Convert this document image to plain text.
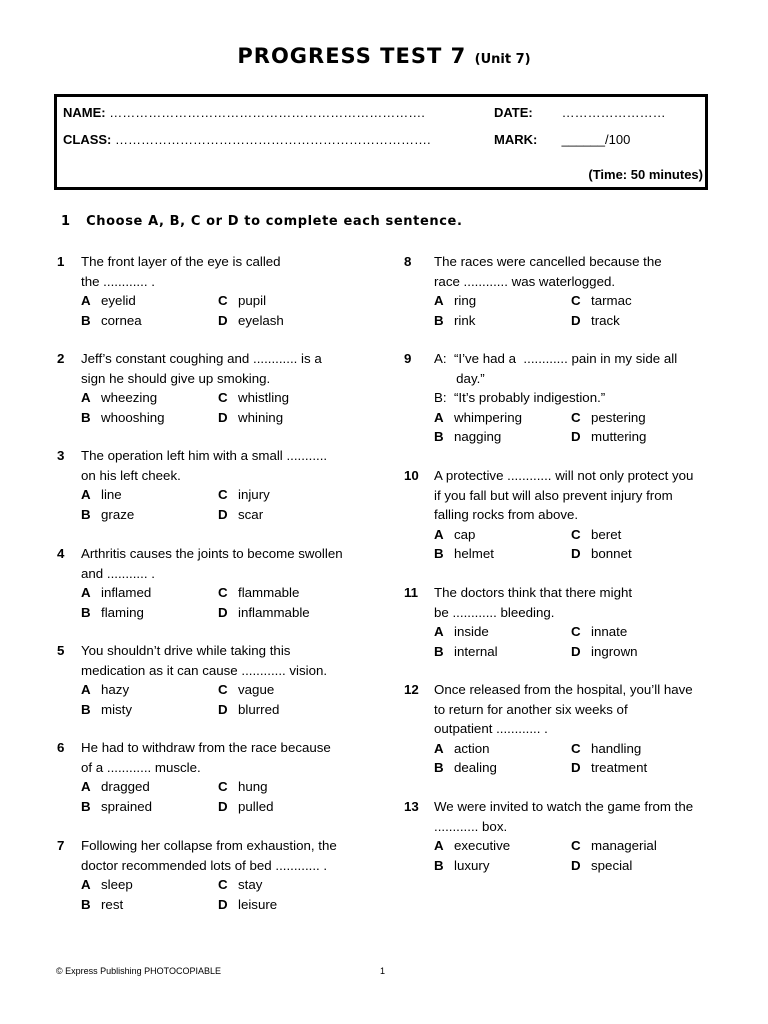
PROGRESS TEST 7 (Unit 7)
NAME: ……………………………………………………………….
CLASS: ……………………………………………………………….
DATE: ……………………
MARK: ______/100
(Time: 50 minutes)
1 Choose A, B, C or D to complete each sentence.
1	The front layer of the eye is called
the ............ .
A eyelid	C pupil
B cornea	D eyelash
2	Jeff’s constant coughing and ............ is a
sign he should give up smoking.
A wheezing	C whistling
B whooshing	D whining
3	The operation left him with a small ...........
on his left cheek.
A line	C injury
B graze	D scar
4	Arthritis causes the joints to become swollen
and ........... .
A inflamed	C flammable
B flaming	D inflammable
5	You shouldn’t drive while taking this
medication as it can cause ............ vision.
A hazy	C vague
B misty	D blurred
6	He had to withdraw from the race because
of a ............ muscle.
A dragged	C hung
B sprained	D pulled
7	Following her collapse from exhaustion, the
doctor recommended lots of bed ............ .
A sleep	C stay
B rest	D leisure
8	The races were cancelled because the
race ............ was waterlogged.
A ring	C tarmac
B rink	D track
9	A:  “I’ve had a  ............ pain in my side all
day.”
B:  “It’s probably indigestion.”
A whimpering	C pestering
B nagging	D muttering
10	A protective ............ will not only protect you
if you fall but will also prevent injury from
falling rocks from above.
A cap	C beret
B helmet	D bonnet
11	The doctors think that there might
be ............ bleeding.
A inside	C innate
B internal	D ingrown
12	Once released from the hospital, you’ll have
to return for another six weeks of
outpatient ............ .
A action	C handling
B dealing	D treatment
13	We were invited to watch the game from the
............ box.
A executive	C managerial
B luxury	D special
© Express Publishing PHOTOCOPIABLE	1
